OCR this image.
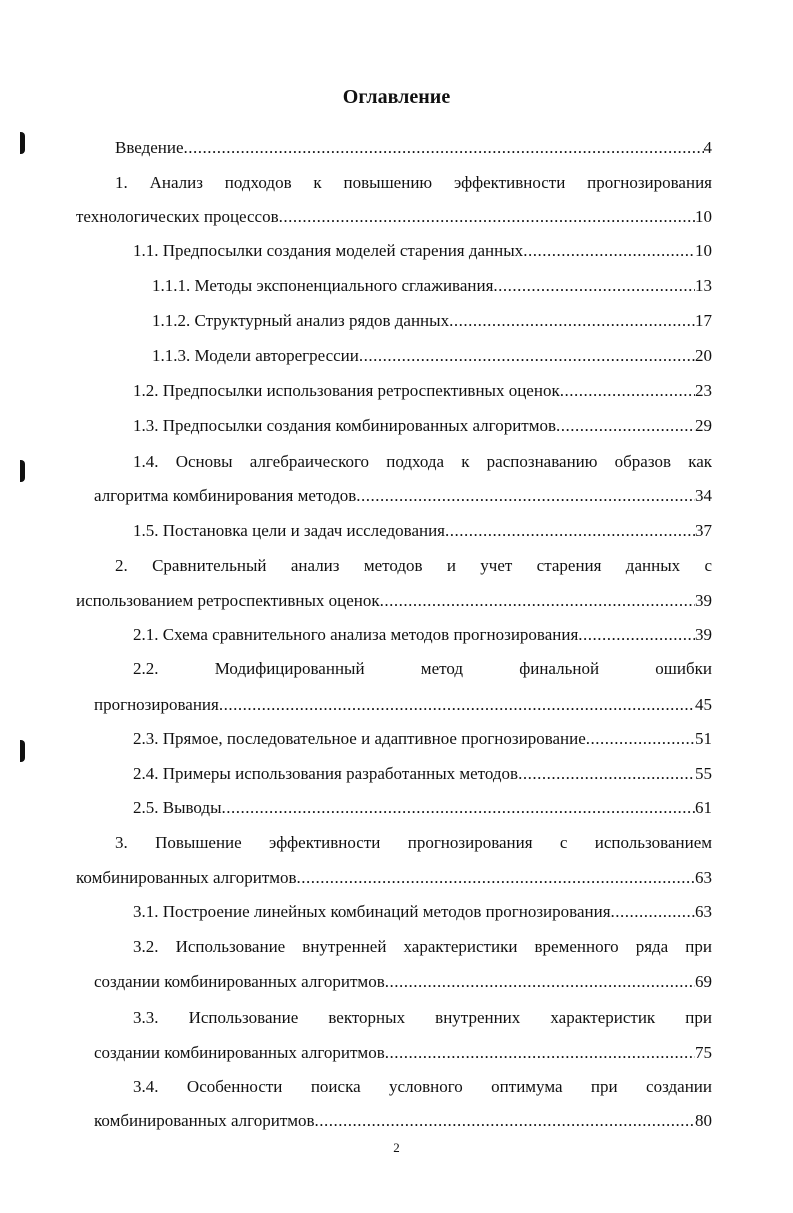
Оглавление
Введение .....	4
1. Анализ подходов к повышению эффективности прогнозирования
технологических процессов .....	10
1.1. Предпосылки создания моделей старения данных .....	10
1.1.1. Методы экспоненциального сглаживания .....	13
1.1.2. Структурный анализ рядов данных .....	17
1.1.3. Модели авторегрессии .....	20
1.2. Предпосылки использования ретроспективных оценок .....	23
1.3. Предпосылки создания комбинированных алгоритмов .....	29
1.4. Основы алгебраического подхода к распознаванию образов как
алгоритма комбинирования методов .....	34
1.5. Постановка цели и задач исследования .....	37
2. Сравнительный анализ методов и учет старения данных с
использованием ретроспективных оценок .....	39
2.1. Схема сравнительного анализа методов прогнозирования .....	39
2.2. Модифицированный метод финальной ошибки
прогнозирования .....	45
2.3. Прямое, последовательное и адаптивное прогнозирование .....	51
2.4. Примеры использования разработанных методов .....	55
2.5. Выводы .....	61
3. Повышение эффективности прогнозирования с использованием
комбинированных алгоритмов .....	63
3.1. Построение линейных комбинаций методов прогнозирования .....	63
3.2. Использование внутренней характеристики временного ряда при
создании комбинированных алгоритмов .....	69
3.3. Использование векторных внутренних характеристик при
создании комбинированных алгоритмов .....	75
3.4. Особенности поиска условного оптимума при создании
комбинированных алгоритмов .....	80
2
